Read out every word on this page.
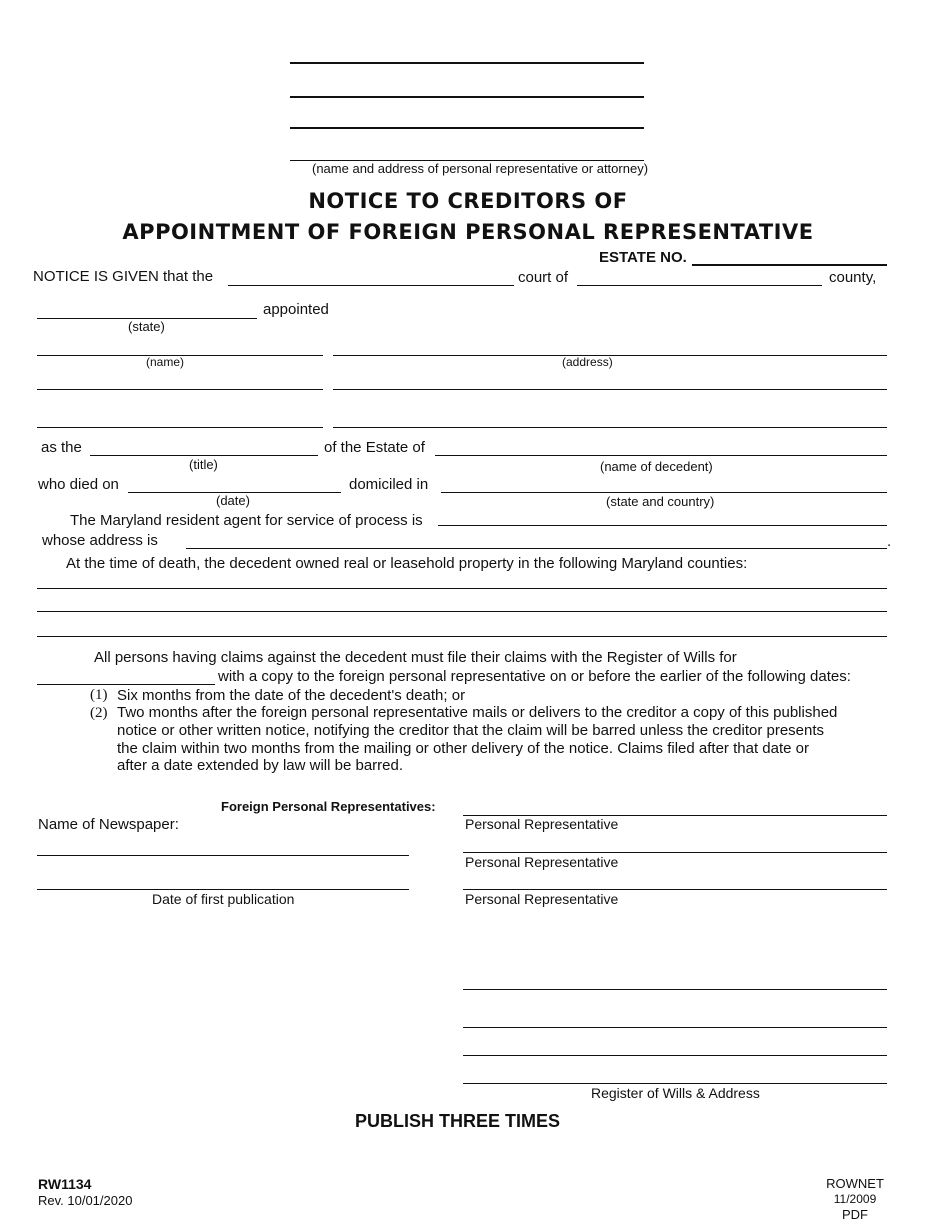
(name and address of personal representative or attorney)
NOTICE TO CREDITORS OF
APPOINTMENT OF FOREIGN PERSONAL REPRESENTATIVE
ESTATE NO.
NOTICE IS GIVEN that the	court of	county,
appointed
(state)
(name)	(address)
as the	of the Estate of
(title)	(name of decedent)
who died on	domiciled in
(date)	(state and country)
The Maryland resident agent for service of process is
whose address is	.
At the time of death, the decedent owned real or leasehold property in the following Maryland counties:
All persons having claims against the decedent must file their claims with the Register of Wills for
with a copy to the foreign personal representative on or before the earlier of the following dates:
(1) Six months from the date of the decedent's death; or
(2) Two months after the foreign personal representative mails or delivers to the creditor a copy of this published
notice or other written notice, notifying the creditor that the claim will be barred unless the creditor presents
the claim within two months from the mailing or other delivery of the notice. Claims filed after that date or
after a date extended by law will be barred.
Foreign Personal Representatives:
Personal Representative
Name of Newspaper:
Personal Representative
Date of first publication	Personal Representative
Register of Wills & Address
PUBLISH THREE TIMES
RW1134
Rev. 10/01/2020
ROWNET
11/2009
PDF
